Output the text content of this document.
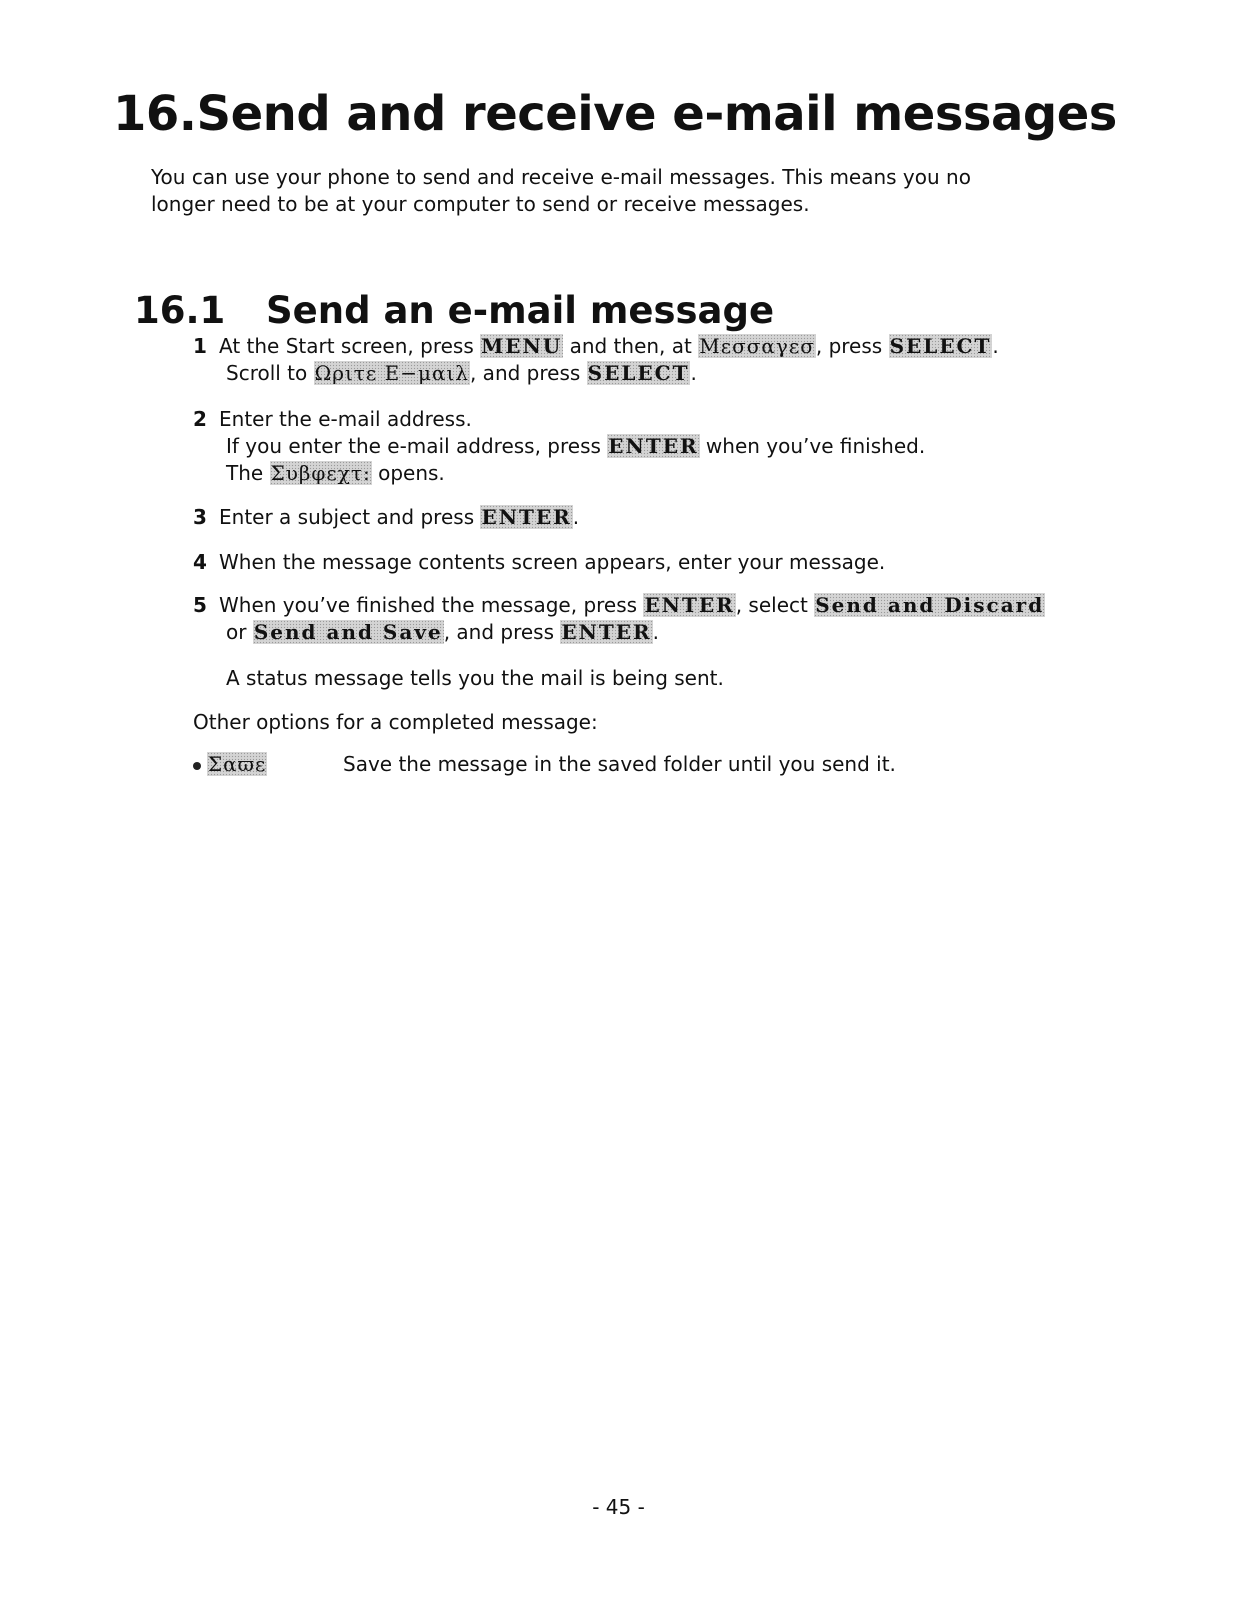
16.Send and receive e-mail messages

You can use your phone to send and receive e-mail messages. This means you no
longer need to be at your computer to send or receive messages.

16.1 Send an e-mail message
1 At the Start screen, press MENU and then, at Μεσσαγεσ, press SELECT.
Scroll to Ωριτε Ε−μαιλ, and press SELECT.
2 Enter the e-mail address.
If you enter the e-mail address, press ENTER when you’ve finished.
The Συβφεχτ: opens.
3 Enter a subject and press ENTER.
4 When the message contents screen appears, enter your message.
5 When you’ve finished the message, press ENTER, select Send and Discard
or Send and Save, and press ENTER.
A status message tells you the mail is being sent.
Other options for a completed message:
Σαϖε	Save the message in the saved folder until you send it.
- 45 -
